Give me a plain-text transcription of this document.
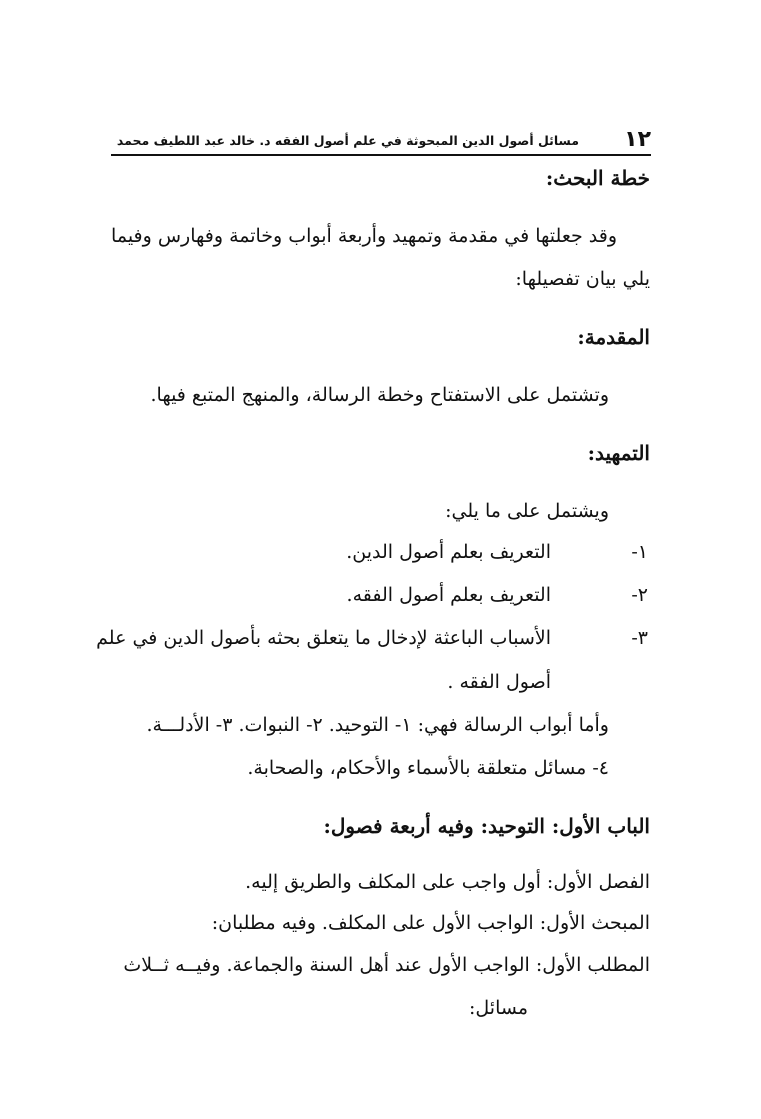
١٢
مسائل أصول الدين المبحوثة في علم أصول الفقه د. خالد عبد اللطيف محمد
خطة البحث:
وقد جعلتها في مقدمة وتمهيد وأربعة أبواب وخاتمة وفهارس وفيما
يلي بيان تفصيلها:
المقدمة:
وتشتمل على الاستفتاح وخطة الرسالة، والمنهج المتبع فيها.
التمهيد:
ويشتمل على ما يلي:
١-
التعريف بعلم أصول الدين.
٢-
التعريف بعلم أصول الفقه.
٣-
الأسباب الباعثة لإدخال ما يتعلق بحثه بأصول الدين في علم
أصول الفقه .
وأما أبواب الرسالة فهي: ١- التوحيد. ٢- النبوات. ٣- الأدلـــة.
٤- مسائل متعلقة بالأسماء والأحكام، والصحابة.
الباب الأول: التوحيد: وفيه أربعة فصول:
الفصل الأول: أول واجب على المكلف والطريق إليه.
المبحث الأول: الواجب الأول على المكلف. وفيه مطلبان:
المطلب الأول: الواجب الأول عند أهل السنة والجماعة. وفيــه ثــلاث
مسائل:
